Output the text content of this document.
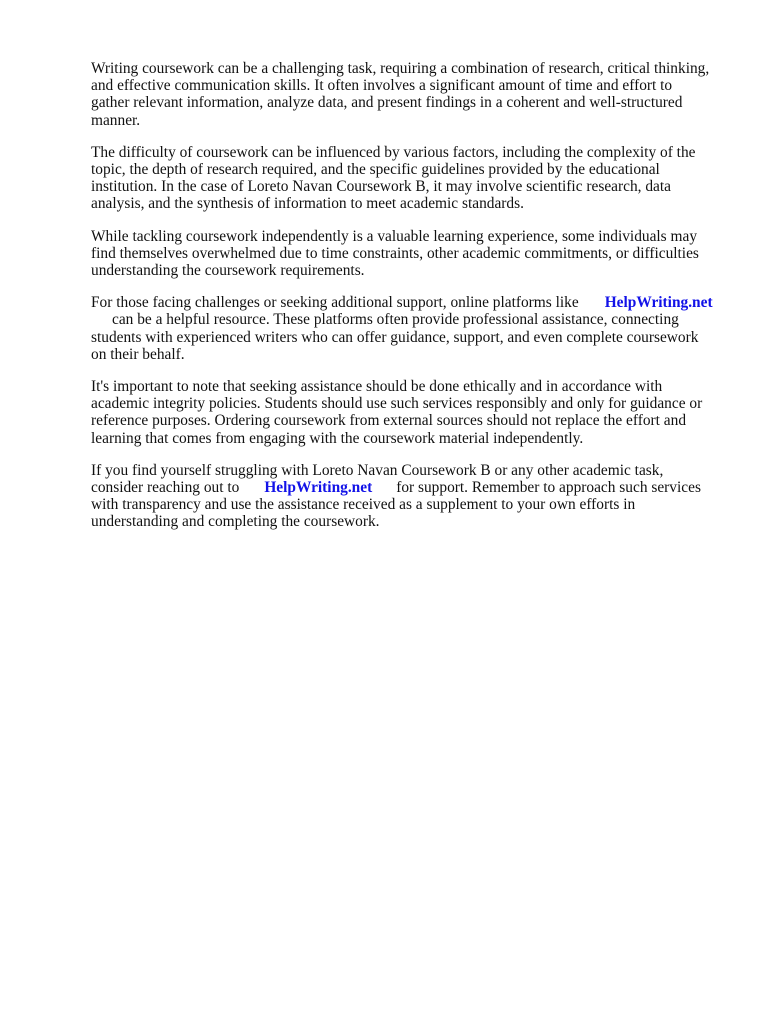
Writing coursework can be a challenging task, requiring a combination of research, critical thinking,
and effective communication skills. It often involves a significant amount of time and effort to
gather relevant information, analyze data, and present findings in a coherent and well-structured
manner.

The difficulty of coursework can be influenced by various factors, including the complexity of the
topic, the depth of research required, and the specific guidelines provided by the educational
institution. In the case of Loreto Navan Coursework B, it may involve scientific research, data
analysis, and the synthesis of information to meet academic standards.

While tackling coursework independently is a valuable learning experience, some individuals may
find themselves overwhelmed due to time constraints, other academic commitments, or difficulties
understanding the coursework requirements.

For those facing challenges or seeking additional support, online platforms like HelpWriting.net
can be a helpful resource. These platforms often provide professional assistance, connecting
students with experienced writers who can offer guidance, support, and even complete coursework
on their behalf.

It's important to note that seeking assistance should be done ethically and in accordance with
academic integrity policies. Students should use such services responsibly and only for guidance or
reference purposes. Ordering coursework from external sources should not replace the effort and
learning that comes from engaging with the coursework material independently.

If you find yourself struggling with Loreto Navan Coursework B or any other academic task,
consider reaching out to HelpWriting.net for support. Remember to approach such services
with transparency and use the assistance received as a supplement to your own efforts in
understanding and completing the coursework.
